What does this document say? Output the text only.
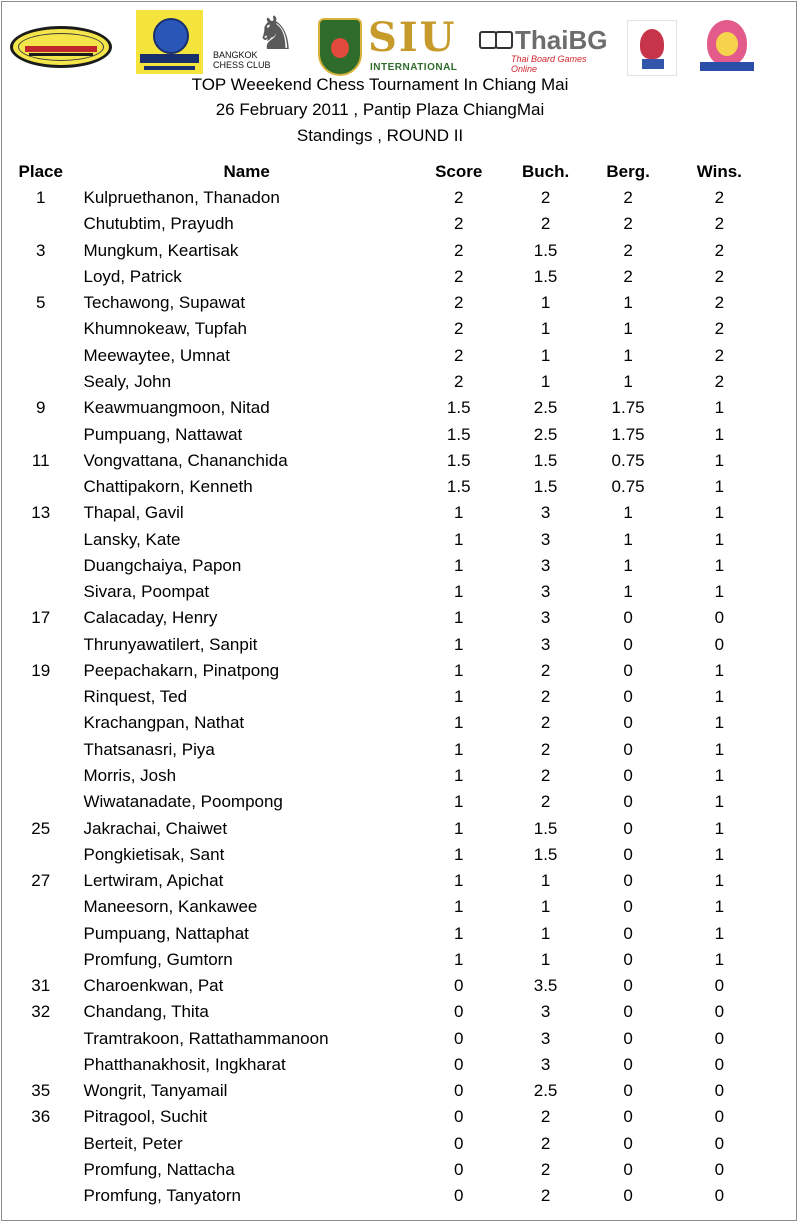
♞
BANGKOK
CHESS CLUB
SIU
INTERNATIONAL
ThaiBG
Thai Board Games Online
TOP Weeekend Chess Tournament In Chiang Mai
26 February 2011 , Pantip Plaza ChiangMai
Standings , ROUND II
Place	Name	Score	Buch.	Berg.	Wins.
1	Kulpruethanon, Thanadon	2	2	2	2
	Chutubtim, Prayudh	2	2	2	2
3	Mungkum, Keartisak	2	1.5	2	2
	Loyd, Patrick	2	1.5	2	2
5	Techawong, Supawat	2	1	1	2
	Khumnokeaw, Tupfah	2	1	1	2
	Meewaytee, Umnat	2	1	1	2
	Sealy, John	2	1	1	2
9	Keawmuangmoon, Nitad	1.5	2.5	1.75	1
	Pumpuang, Nattawat	1.5	2.5	1.75	1
11	Vongvattana, Chananchida	1.5	1.5	0.75	1
	Chattipakorn, Kenneth	1.5	1.5	0.75	1
13	Thapal, Gavil	1	3	1	1
	Lansky, Kate	1	3	1	1
	Duangchaiya, Papon	1	3	1	1
	Sivara, Poompat	1	3	1	1
17	Calacaday, Henry	1	3	0	0
	Thrunyawatilert, Sanpit	1	3	0	0
19	Peepachakarn, Pinatpong	1	2	0	1
	Rinquest, Ted	1	2	0	1
	Krachangpan, Nathat	1	2	0	1
	Thatsanasri, Piya	1	2	0	1
	Morris, Josh	1	2	0	1
	Wiwatanadate, Poompong	1	2	0	1
25	Jakrachai, Chaiwet	1	1.5	0	1
	Pongkietisak, Sant	1	1.5	0	1
27	Lertwiram, Apichat	1	1	0	1
	Maneesorn, Kankawee	1	1	0	1
	Pumpuang, Nattaphat	1	1	0	1
	Promfung, Gumtorn	1	1	0	1
31	Charoenkwan, Pat	0	3.5	0	0
32	Chandang, Thita	0	3	0	0
	Tramtrakoon, Rattathammanoon	0	3	0	0
	Phatthanakhosit, Ingkharat	0	3	0	0
35	Wongrit, Tanyamail	0	2.5	0	0
36	Pitragool, Suchit	0	2	0	0
	Berteit, Peter	0	2	0	0
	Promfung, Nattacha	0	2	0	0
	Promfung, Tanyatorn	0	2	0	0
